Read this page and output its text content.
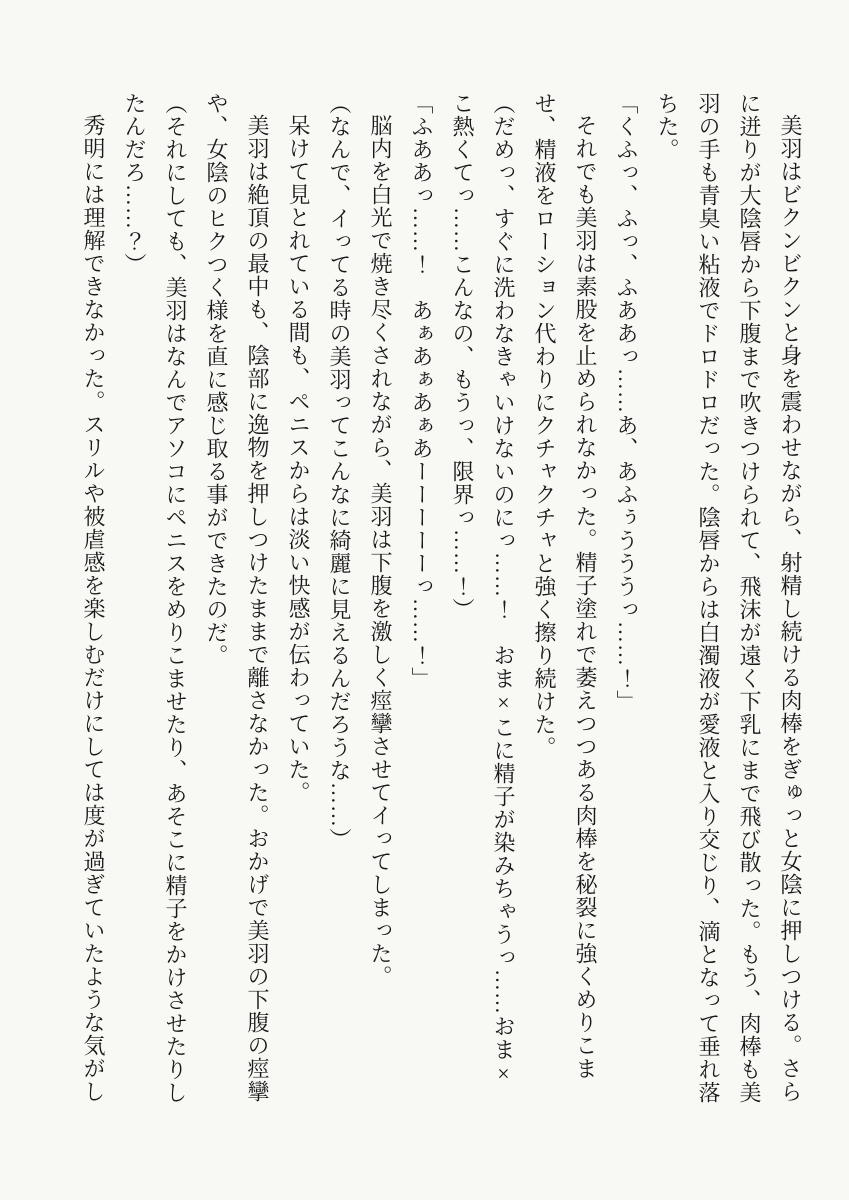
美羽はビクンビクンと身を震わせながら、射精し続ける肉棒をぎゅっと女陰に押しつける。さらに迸りが大陰唇から下腹まで吹きつけられて、飛沫が遠く下乳にまで飛び散った。もう、肉棒も美羽の手も青臭い粘液でドロドロだった。陰唇からは白濁液が愛液と入り交じり、滴となって垂れ落ちた。

「くふっ、ふっ、ふああっ……あ、あふぅうううっ……！」

それでも美羽は素股を止められなかった。精子塗れで萎えつつある肉棒を秘裂に強くめりこませ、精液をローション代わりにクチャクチャと強く擦り続けた。

（だめっ、すぐに洗わなきゃいけないのにっ……！　おま×こに精子が染みちゃうっ……おま×こ熱くてっ……こんなの、もうっ、限界っ……！）

「ふああっ……！　あぁあぁあぁあーーーーーっ……！」

脳内を白光で焼き尽くされながら、美羽は下腹を激しく痙攣させてイってしまった。

（なんで、イってる時の美羽ってこんなに綺麗に見えるんだろうな……）

呆けて見とれている間も、ペニスからは淡い快感が伝わっていた。

美羽は絶頂の最中も、陰部に逸物を押しつけたままで離さなかった。おかげで美羽の下腹の痙攣や、女陰のヒクつく様を直に感じ取る事ができたのだ。

（それにしても、美羽はなんでアソコにペニスをめりこませたり、あそこに精子をかけさせたりしたんだろ……？）

秀明には理解できなかった。スリルや被虐感を楽しむだけにしては度が過ぎていたような気がし
